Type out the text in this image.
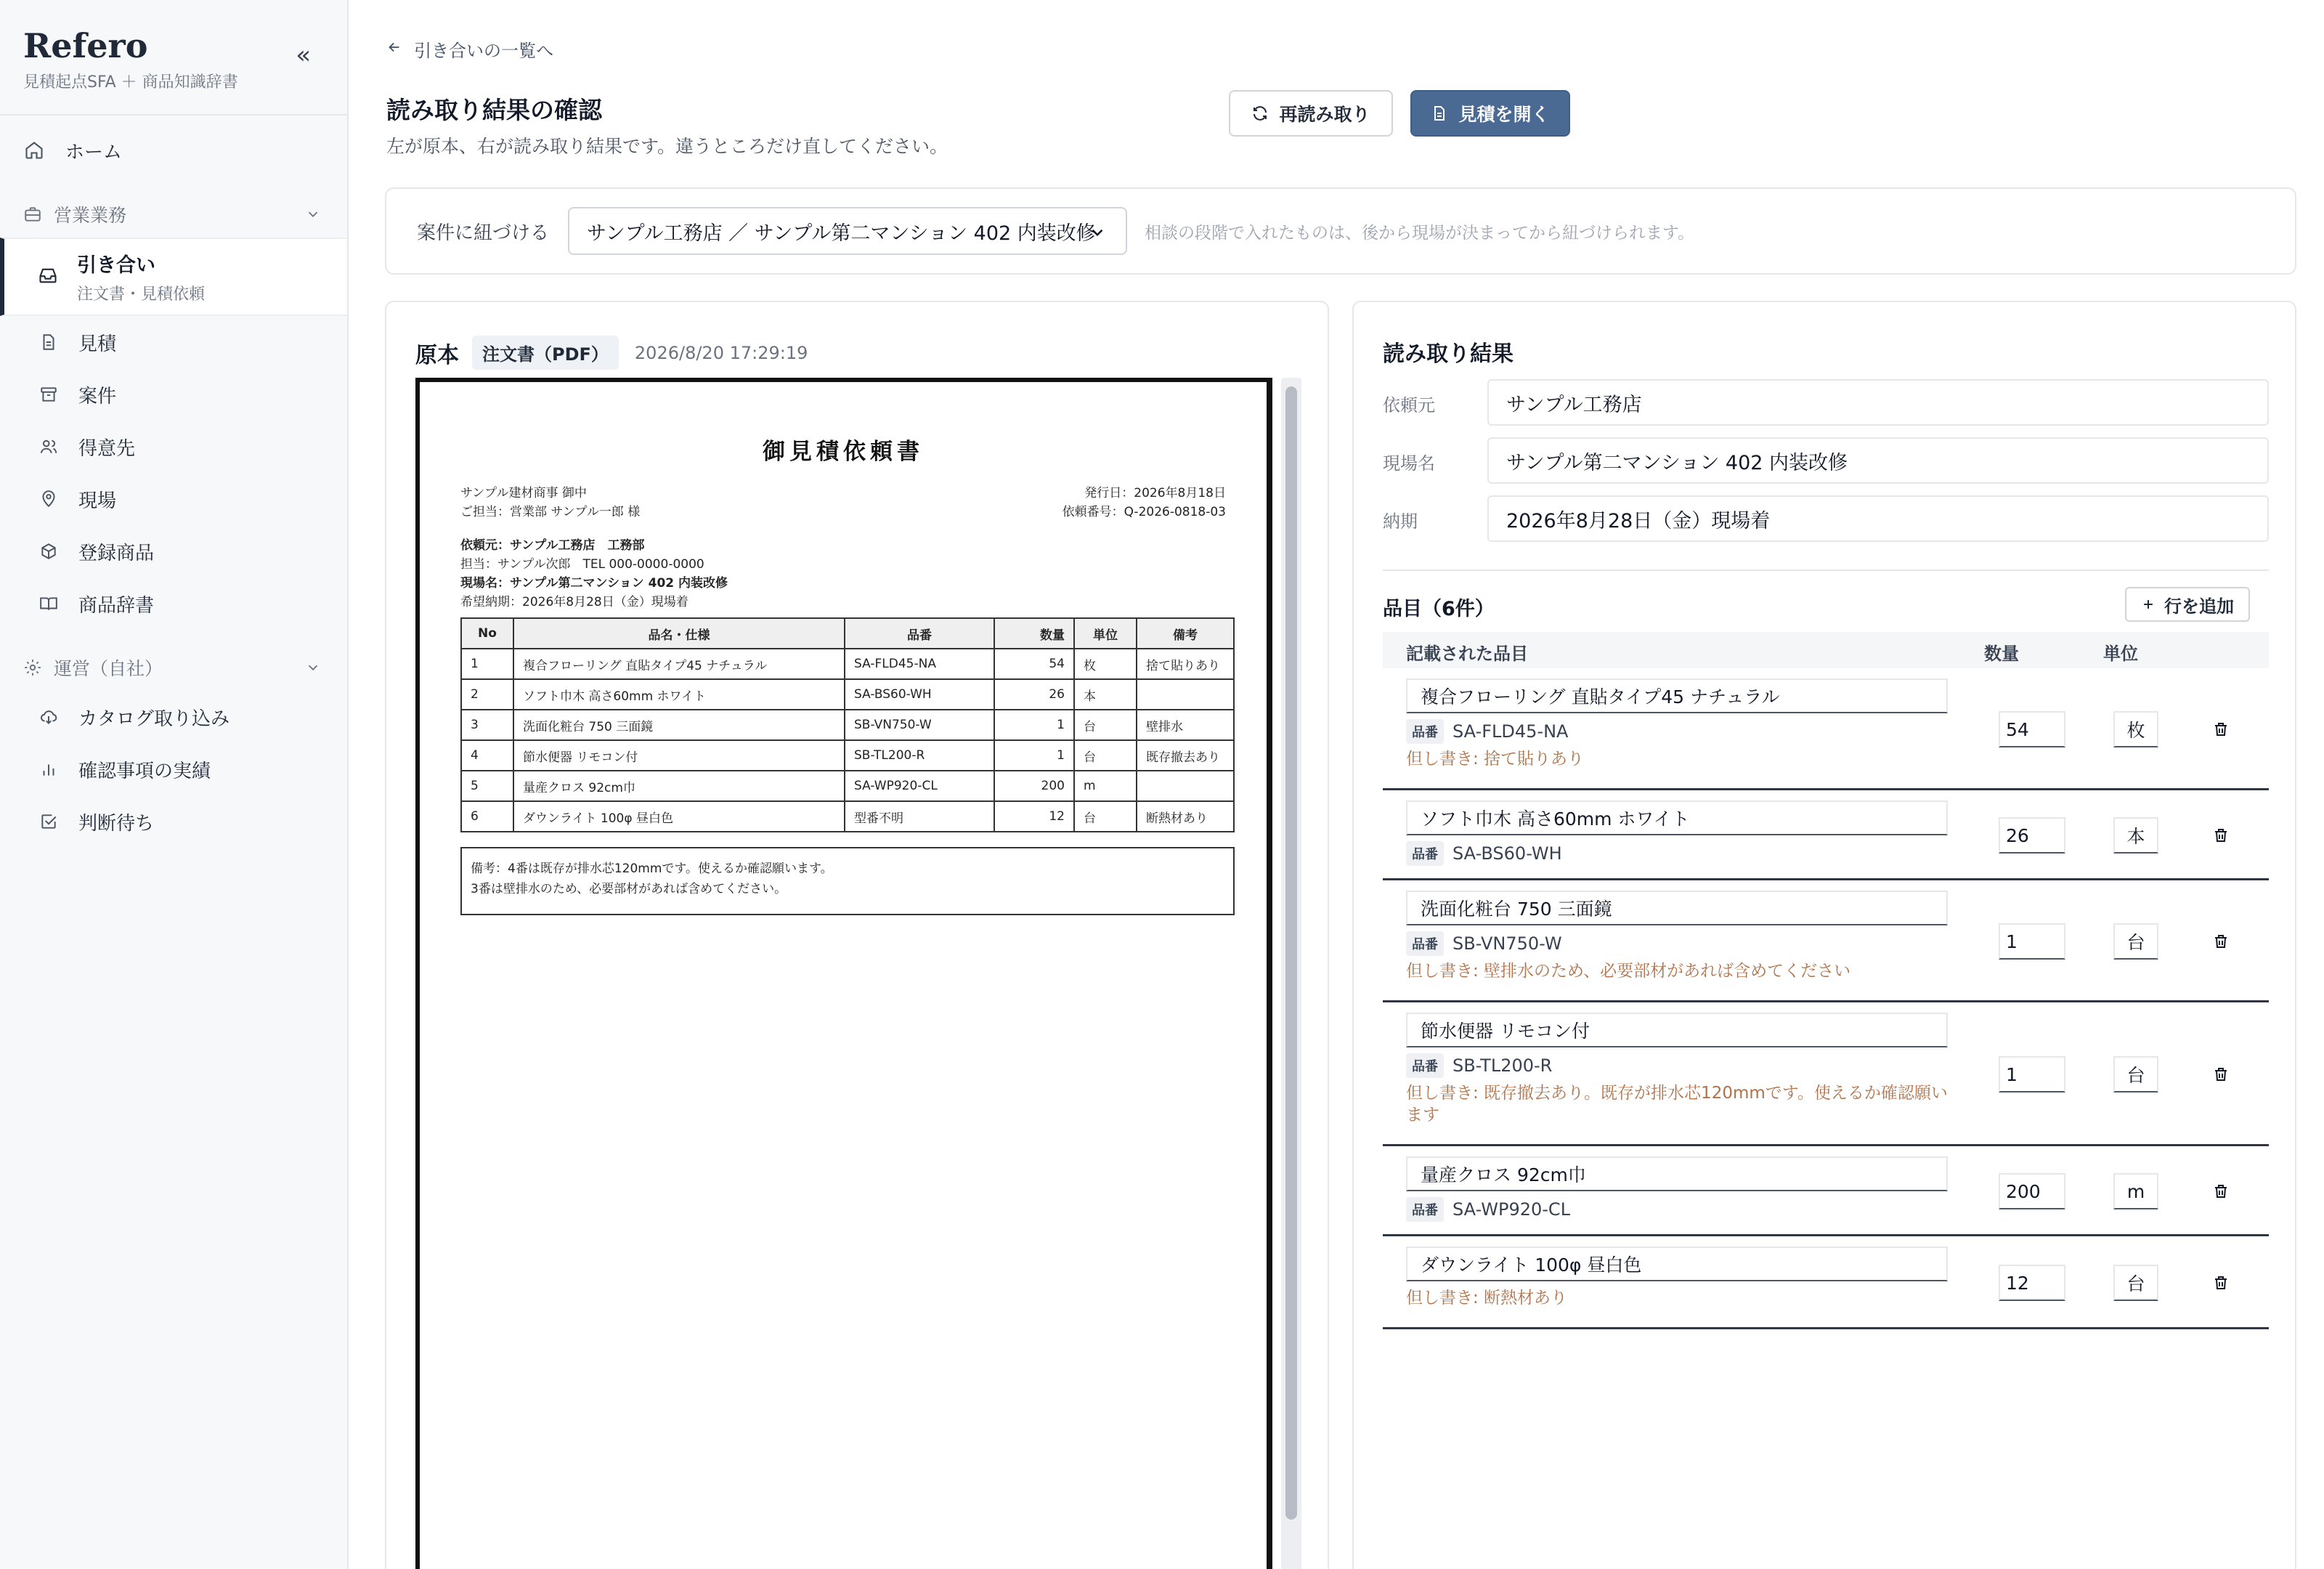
Refero
見積起点SFA ＋ 商品知識辞書
«
ホーム
営業業務
引き合い
注文書・見積依頼
見積
案件
得意先
現場
登録商品
商品辞書
運営（自社）
カタログ取り込み
確認事項の実績
判断待ち
引き合いの一覧へ
読み取り結果の確認

左が原本、右が読み取り結果です。違うところだけ直してください。

再読み取り	見積を開く
案件に紐づける サンプル工務店 ／ サンプル第二マンション 402 内装改修	相談の段階で入れたものは、後から現場が決まってから紐づけられます。
原本	注文書（PDF）	2026/8/20 17:29:19
御見積依頼書
サンプル建材商事 御中
ご担当：営業部 サンプル一郎 様
発行日：2026年8月18日
依頼番号：Q-2026-0818-03
依頼元：サンプル工務店　工務部
担当：サンプル次郎　TEL 000-0000-0000
現場名：サンプル第二マンション 402 内装改修
希望納期：2026年8月28日（金）現場着
No	品名・仕様	品番	数量	単位	備考
1	複合フローリング 直貼タイプ45 ナチュラル	SA-FLD45-NA	54	枚	捨て貼りあり
2	ソフト巾木 高さ60mm ホワイト	SA-BS60-WH	26	本	
3	洗面化粧台 750 三面鏡	SB-VN750-W	1	台	壁排水
4	節水便器 リモコン付	SB-TL200-R	1	台	既存撤去あり
5	量産クロス 92cm巾	SA-WP920-CL	200	m	
6	ダウンライト 100φ 昼白色	型番不明	12	台	断熱材あり
備考：4番は既存が排水芯120mmです。使えるか確認願います。
3番は壁排水のため、必要部材があれば含めてください。
読み取り結果
依頼元	サンプル工務店
現場名	サンプル第二マンション 402 内装改修
納期	2026年8月28日（金）現場着
品目（6件）	行を追加
記載された品目	数量	単位
複合フローリング 直貼タイプ45 ナチュラル
品番 SA-FLD45-NA
但し書き: 捨て貼りあり
54	枚
ソフト巾木 高さ60mm ホワイト
品番 SA-BS60-WH
26	本
洗面化粧台 750 三面鏡
品番 SB-VN750-W
但し書き: 壁排水のため、必要部材があれば含めてください
1	台
節水便器 リモコン付
品番 SB-TL200-R
但し書き: 既存撤去あり。既存が排水芯120mmです。使えるか確認願います
1	台
量産クロス 92cm巾
品番 SA-WP920-CL
200	m
ダウンライト 100φ 昼白色
但し書き: 断熱材あり
12	台
